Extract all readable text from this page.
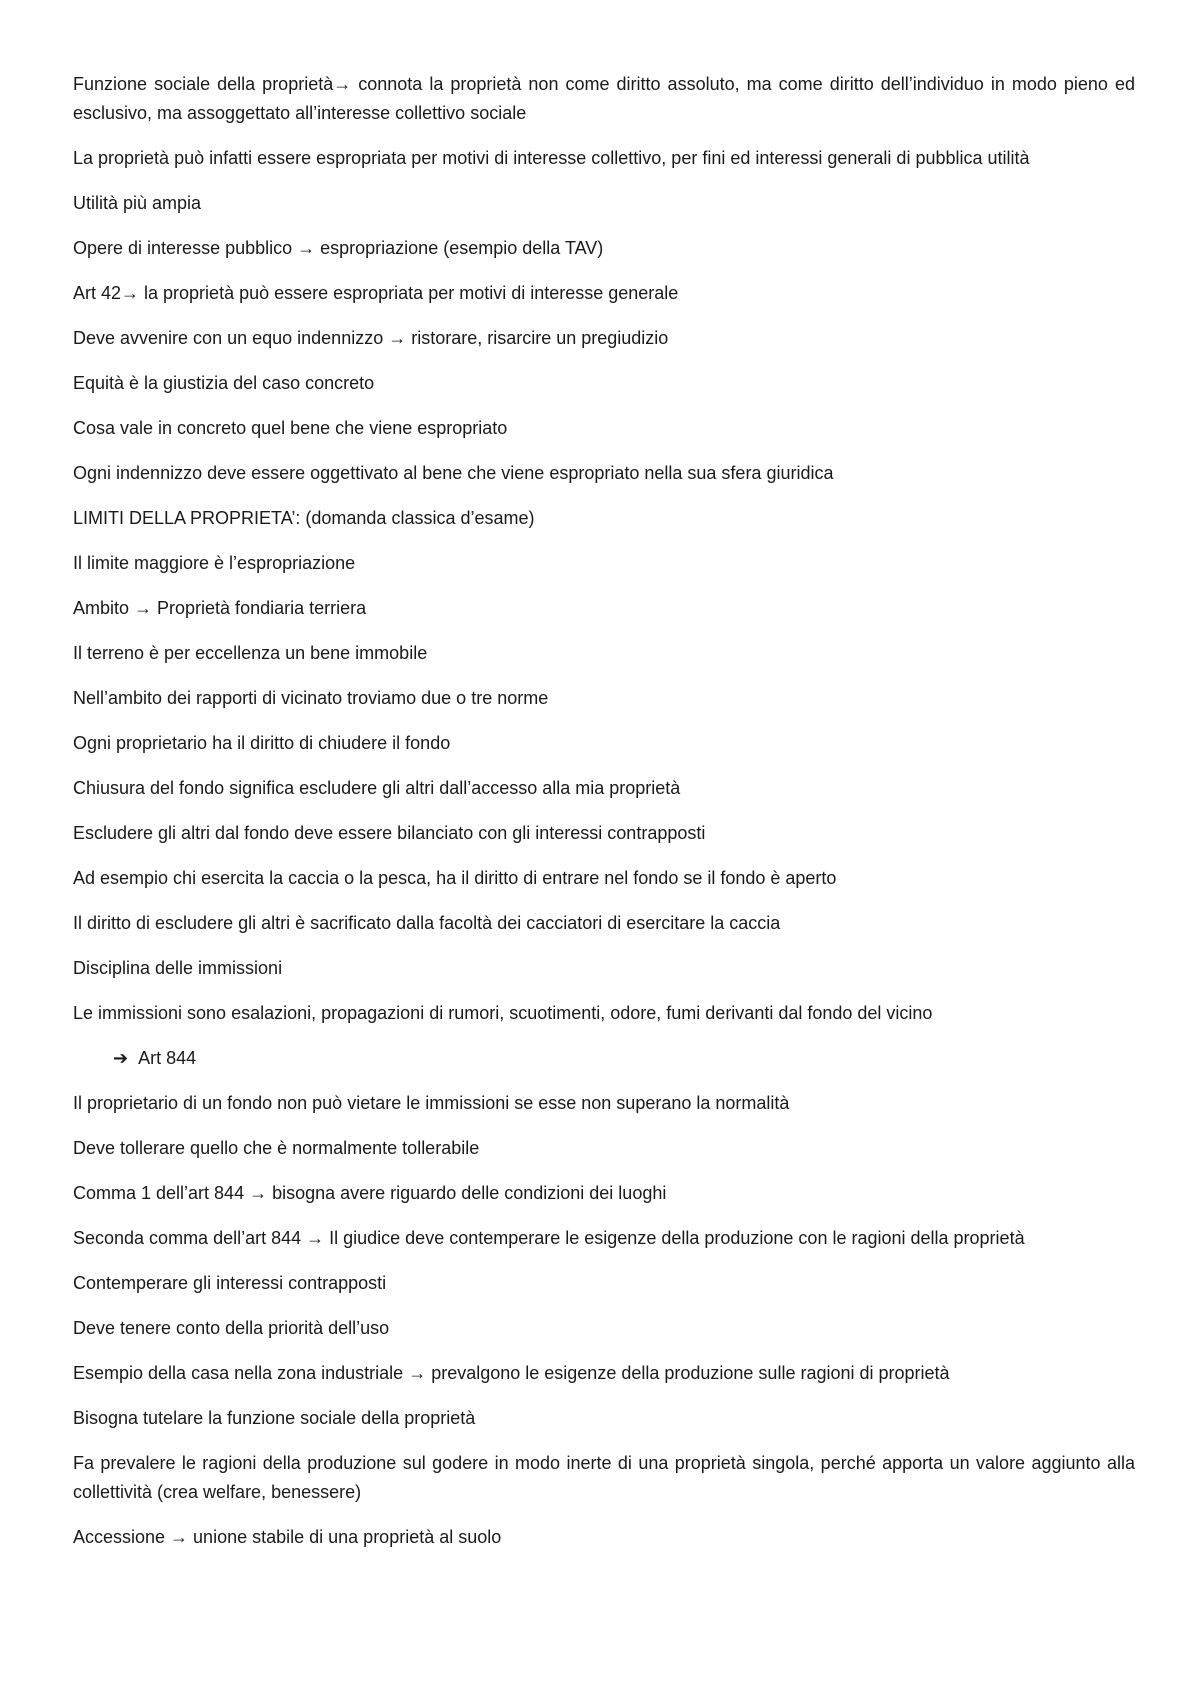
Funzione sociale della proprietà→ connota la proprietà non come diritto assoluto, ma come diritto dell’individuo in modo pieno ed esclusivo, ma assoggettato all’interesse collettivo sociale

La proprietà può infatti essere espropriata per motivi di interesse collettivo, per fini ed interessi generali di pubblica utilità

Utilità più ampia

Opere di interesse pubblico → espropriazione (esempio della TAV)

Art 42→ la proprietà può essere espropriata per motivi di interesse generale

Deve avvenire con un equo indennizzo → ristorare, risarcire un pregiudizio

Equità è la giustizia del caso concreto

Cosa vale in concreto quel bene che viene espropriato

Ogni indennizzo deve essere oggettivato al bene che viene espropriato nella sua sfera giuridica

LIMITI DELLA PROPRIETA’: (domanda classica d’esame)

Il limite maggiore è l’espropriazione

Ambito → Proprietà fondiaria terriera

Il terreno è per eccellenza un bene immobile

Nell’ambito dei rapporti di vicinato troviamo due o tre norme

Ogni proprietario ha il diritto di chiudere il fondo

Chiusura del fondo significa escludere gli altri dall’accesso alla mia proprietà

Escludere gli altri dal fondo deve essere bilanciato con gli interessi contrapposti

Ad esempio chi esercita la caccia o la pesca, ha il diritto di entrare nel fondo se il fondo è aperto

Il diritto di escludere gli altri è sacrificato dalla facoltà dei cacciatori di esercitare la caccia

Disciplina delle immissioni

Le immissioni sono esalazioni, propagazioni di rumori, scuotimenti, odore, fumi derivanti dal fondo del vicino

➔ Art 844

Il proprietario di un fondo non può vietare le immissioni se esse non superano la normalità

Deve tollerare quello che è normalmente tollerabile

Comma 1 dell’art 844 → bisogna avere riguardo delle condizioni dei luoghi

Seconda comma dell’art 844 → Il giudice deve contemperare le esigenze della produzione con le ragioni della proprietà

Contemperare gli interessi contrapposti

Deve tenere conto della priorità dell’uso

Esempio della casa nella zona industriale → prevalgono le esigenze della produzione sulle ragioni di proprietà

Bisogna tutelare la funzione sociale della proprietà

Fa prevalere le ragioni della produzione sul godere in modo inerte di una proprietà singola, perché apporta un valore aggiunto alla collettività (crea welfare, benessere)

Accessione → unione stabile di una proprietà al suolo
